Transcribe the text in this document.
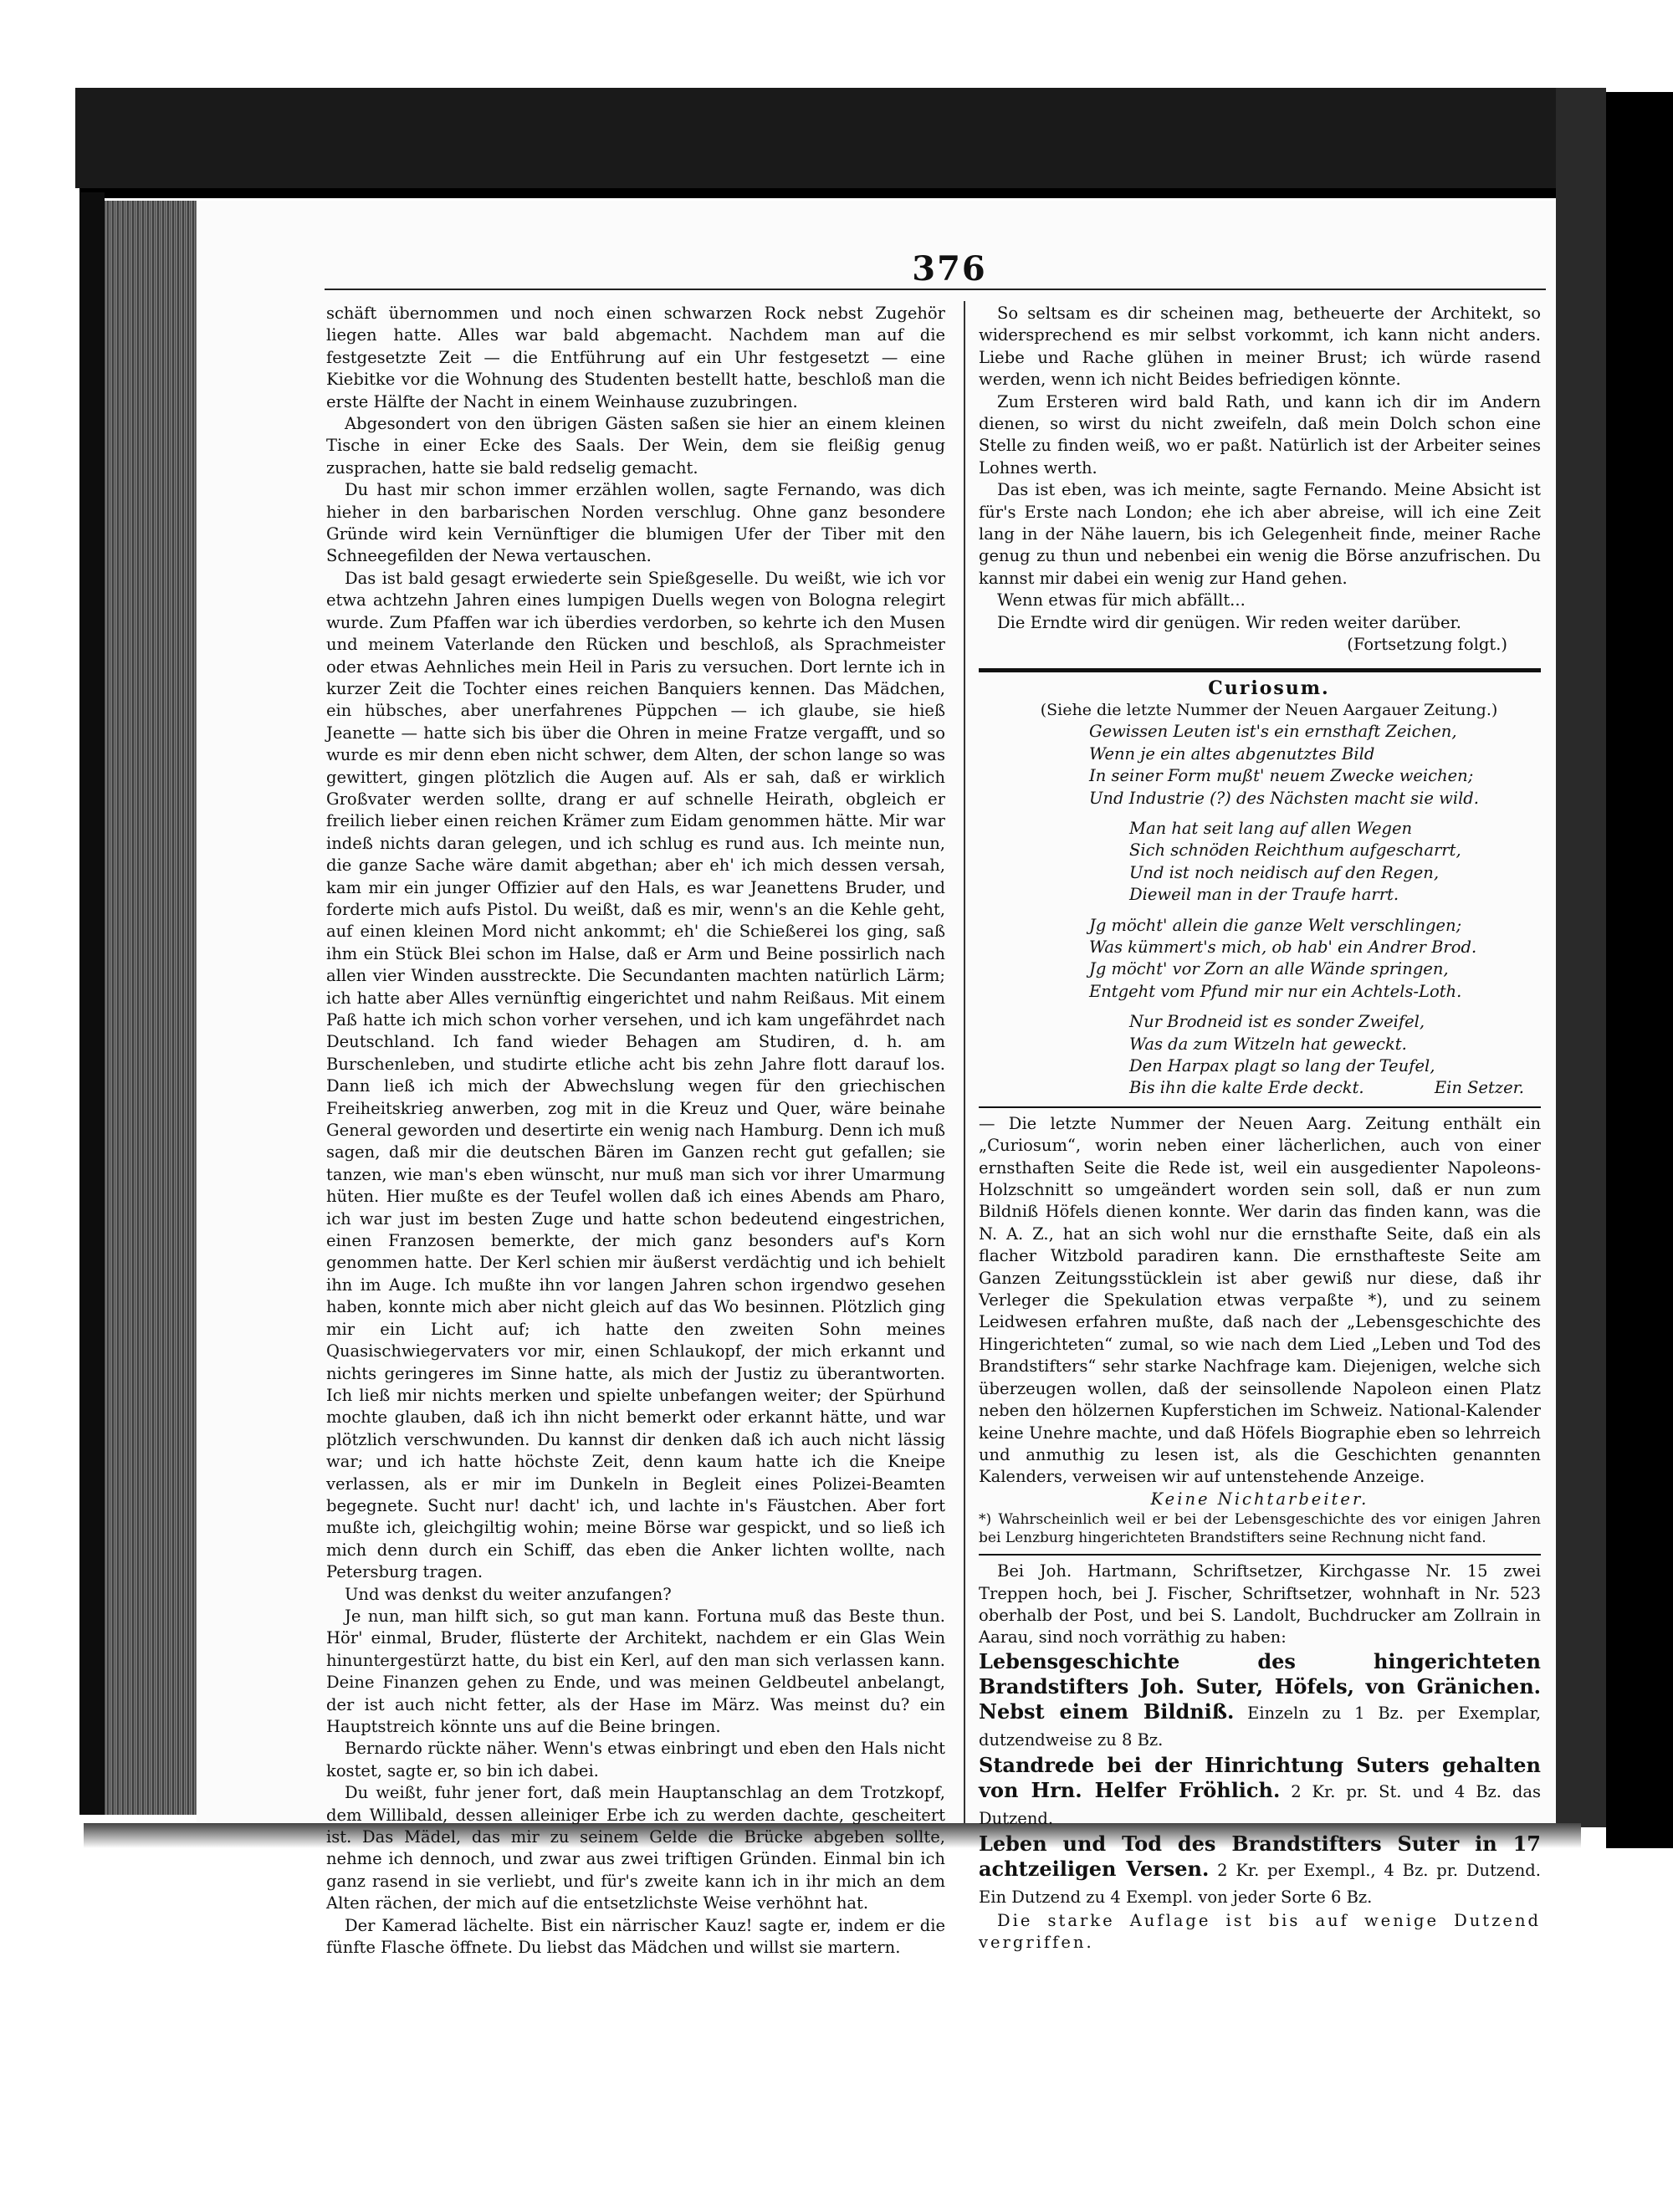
376

schäft übernommen und noch einen schwarzen Rock nebst Zugehör liegen hatte. Alles war bald abgemacht. Nachdem man auf die festgesetzte Zeit — die Entführung auf ein Uhr festgesetzt — eine Kiebitke vor die Wohnung des Studenten bestellt hatte, beschloß man die erste Hälfte der Nacht in einem Weinhause zuzubringen.

Abgesondert von den übrigen Gästen saßen sie hier an einem kleinen Tische in einer Ecke des Saals. Der Wein, dem sie fleißig genug zusprachen, hatte sie bald redselig gemacht.

Du hast mir schon immer erzählen wollen, sagte Fernando, was dich hieher in den barbarischen Norden verschlug. Ohne ganz besondere Gründe wird kein Vernünftiger die blumigen Ufer der Tiber mit den Schneegefilden der Newa vertauschen.

Das ist bald gesagt erwiederte sein Spießgeselle. Du weißt, wie ich vor etwa achtzehn Jahren eines lumpigen Duells wegen von Bologna relegirt wurde. Zum Pfaffen war ich überdies verdorben, so kehrte ich den Musen und meinem Vaterlande den Rücken und beschloß, als Sprachmeister oder etwas Aehnliches mein Heil in Paris zu versuchen. Dort lernte ich in kurzer Zeit die Tochter eines reichen Banquiers kennen. Das Mädchen, ein hübsches, aber unerfahrenes Püppchen — ich glaube, sie hieß Jeanette — hatte sich bis über die Ohren in meine Fratze vergafft, und so wurde es mir denn eben nicht schwer, dem Alten, der schon lange so was gewittert, gingen plötzlich die Augen auf. Als er sah, daß er wirklich Großvater werden sollte, drang er auf schnelle Heirath, obgleich er freilich lieber einen reichen Krämer zum Eidam genommen hätte. Mir war indeß nichts daran gelegen, und ich schlug es rund aus. Ich meinte nun, die ganze Sache wäre damit abgethan; aber eh' ich mich dessen versah, kam mir ein junger Offizier auf den Hals, es war Jeanettens Bruder, und forderte mich aufs Pistol. Du weißt, daß es mir, wenn's an die Kehle geht, auf einen kleinen Mord nicht ankommt; eh' die Schießerei los ging, saß ihm ein Stück Blei schon im Halse, daß er Arm und Beine possirlich nach allen vier Winden ausstreckte. Die Secundanten machten natürlich Lärm; ich hatte aber Alles vernünftig eingerichtet und nahm Reißaus. Mit einem Paß hatte ich mich schon vorher versehen, und ich kam ungefährdet nach Deutschland. Ich fand wieder Behagen am Studiren, d. h. am Burschenleben, und studirte etliche acht bis zehn Jahre flott darauf los. Dann ließ ich mich der Abwechslung wegen für den griechischen Freiheitskrieg anwerben, zog mit in die Kreuz und Quer, wäre beinahe General geworden und desertirte ein wenig nach Hamburg. Denn ich muß sagen, daß mir die deutschen Bären im Ganzen recht gut gefallen; sie tanzen, wie man's eben wünscht, nur muß man sich vor ihrer Umarmung hüten. Hier mußte es der Teufel wollen daß ich eines Abends am Pharo, ich war just im besten Zuge und hatte schon bedeutend eingestrichen, einen Franzosen bemerkte, der mich ganz besonders auf's Korn genommen hatte. Der Kerl schien mir äußerst verdächtig und ich behielt ihn im Auge. Ich mußte ihn vor langen Jahren schon irgendwo gesehen haben, konnte mich aber nicht gleich auf das Wo besinnen. Plötzlich ging mir ein Licht auf; ich hatte den zweiten Sohn meines Quasischwiegervaters vor mir, einen Schlaukopf, der mich erkannt und nichts geringeres im Sinne hatte, als mich der Justiz zu überantworten. Ich ließ mir nichts merken und spielte unbefangen weiter; der Spürhund mochte glauben, daß ich ihn nicht bemerkt oder erkannt hätte, und war plötzlich verschwunden. Du kannst dir denken daß ich auch nicht lässig war; und ich hatte höchste Zeit, denn kaum hatte ich die Kneipe verlassen, als er mir im Dunkeln in Begleit eines Polizei-Beamten begegnete. Sucht nur! dacht' ich, und lachte in's Fäustchen. Aber fort mußte ich, gleichgiltig wohin; meine Börse war gespickt, und so ließ ich mich denn durch ein Schiff, das eben die Anker lichten wollte, nach Petersburg tragen.

Und was denkst du weiter anzufangen?

Je nun, man hilft sich, so gut man kann. Fortuna muß das Beste thun. Hör' einmal, Bruder, flüsterte der Architekt, nachdem er ein Glas Wein hinuntergestürzt hatte, du bist ein Kerl, auf den man sich verlassen kann. Deine Finanzen gehen zu Ende, und was meinen Geldbeutel anbelangt, der ist auch nicht fetter, als der Hase im März. Was meinst du? ein Hauptstreich könnte uns auf die Beine bringen.

Bernardo rückte näher. Wenn's etwas einbringt und eben den Hals nicht kostet, sagte er, so bin ich dabei.

Du weißt, fuhr jener fort, daß mein Hauptanschlag an dem Trotzkopf, dem Willibald, dessen alleiniger Erbe ich zu werden dachte, gescheitert ist. Das Mädel, das mir zu seinem Gelde die Brücke abgeben sollte, nehme ich dennoch, und zwar aus zwei triftigen Gründen. Einmal bin ich ganz rasend in sie verliebt, und für's zweite kann ich in ihr mich an dem Alten rächen, der mich auf die entsetzlichste Weise verhöhnt hat.

Der Kamerad lächelte. Bist ein närrischer Kauz! sagte er, indem er die fünfte Flasche öffnete. Du liebst das Mädchen und willst sie martern.

So seltsam es dir scheinen mag, betheuerte der Architekt, so widersprechend es mir selbst vorkommt, ich kann nicht anders. Liebe und Rache glühen in meiner Brust; ich würde rasend werden, wenn ich nicht Beides befriedigen könnte.

Zum Ersteren wird bald Rath, und kann ich dir im Andern dienen, so wirst du nicht zweifeln, daß mein Dolch schon eine Stelle zu finden weiß, wo er paßt. Natürlich ist der Arbeiter seines Lohnes werth.

Das ist eben, was ich meinte, sagte Fernando. Meine Absicht ist für's Erste nach London; ehe ich aber abreise, will ich eine Zeit lang in der Nähe lauern, bis ich Gelegenheit finde, meiner Rache genug zu thun und nebenbei ein wenig die Börse anzufrischen. Du kannst mir dabei ein wenig zur Hand gehen.

Wenn etwas für mich abfällt...

Die Erndte wird dir genügen. Wir reden weiter darüber.

(Fortsetzung folgt.)

Curiosum.

(Siehe die letzte Nummer der Neuen Aargauer Zeitung.)

Gewissen Leuten ist's ein ernsthaft Zeichen,
Wenn je ein altes abgenutztes Bild
In seiner Form mußt' neuem Zwecke weichen;
Und Industrie (?) des Nächsten macht sie wild.
Man hat seit lang auf allen Wegen
Sich schnöden Reichthum aufgescharrt,
Und ist noch neidisch auf den Regen,
Dieweil man in der Traufe harrt.
Jg möcht' allein die ganze Welt verschlingen;
Was kümmert's mich, ob hab' ein Andrer Brod.
Jg möcht' vor Zorn an alle Wände springen,
Entgeht vom Pfund mir nur ein Achtels-Loth.
Nur Brodneid ist es sonder Zweifel,
Was da zum Witzeln hat geweckt.
Den Harpax plagt so lang der Teufel,
Bis ihn die kalte Erde deckt.	Ein Setzer.

— Die letzte Nummer der Neuen Aarg. Zeitung enthält ein „Curiosum“, worin neben einer lächerlichen, auch von einer ernsthaften Seite die Rede ist, weil ein ausgedienter Napoleons-Holzschnitt so umgeändert worden sein soll, daß er nun zum Bildniß Höfels dienen konnte. Wer darin das finden kann, was die N. A. Z., hat an sich wohl nur die ernsthafte Seite, daß ein als flacher Witzbold paradiren kann. Die ernsthafteste Seite am Ganzen Zeitungsstücklein ist aber gewiß nur diese, daß ihr Verleger die Spekulation etwas verpaßte *), und zu seinem Leidwesen erfahren mußte, daß nach der „Lebensgeschichte des Hingerichteten“ zumal, so wie nach dem Lied „Leben und Tod des Brandstifters“ sehr starke Nachfrage kam. Diejenigen, welche sich überzeugen wollen, daß der seinsollende Napoleon einen Platz neben den hölzernen Kupferstichen im Schweiz. National-Kalender keine Unehre machte, und daß Höfels Biographie eben so lehrreich und anmuthig zu lesen ist, als die Geschichten genannten Kalenders, verweisen wir auf untenstehende Anzeige.

Keine Nichtarbeiter.

*) Wahrscheinlich weil er bei der Lebensgeschichte des vor einigen Jahren bei Lenzburg hingerichteten Brandstifters seine Rechnung nicht fand.

Bei Joh. Hartmann, Schriftsetzer, Kirchgasse Nr. 15 zwei Treppen hoch, bei J. Fischer, Schriftsetzer, wohnhaft in Nr. 523 oberhalb der Post, und bei S. Landolt, Buchdrucker am Zollrain in Aarau, sind noch vorräthig zu haben:

Lebensgeschichte des hingerichteten Brandstifters Joh. Suter, Höfels, von Gränichen. Nebst einem Bildniß. Einzeln zu 1 Bz. per Exemplar, dutzendweise zu 8 Bz.

Standrede bei der Hinrichtung Suters gehalten von Hrn. Helfer Fröhlich. 2 Kr. pr. St. und 4 Bz. das Dutzend.

Leben und Tod des Brandstifters Suter in 17 achtzeiligen Versen. 2 Kr. per Exempl., 4 Bz. pr. Dutzend. Ein Dutzend zu 4 Exempl. von jeder Sorte 6 Bz.

Die starke Auflage ist bis auf wenige Dutzend vergriffen.
